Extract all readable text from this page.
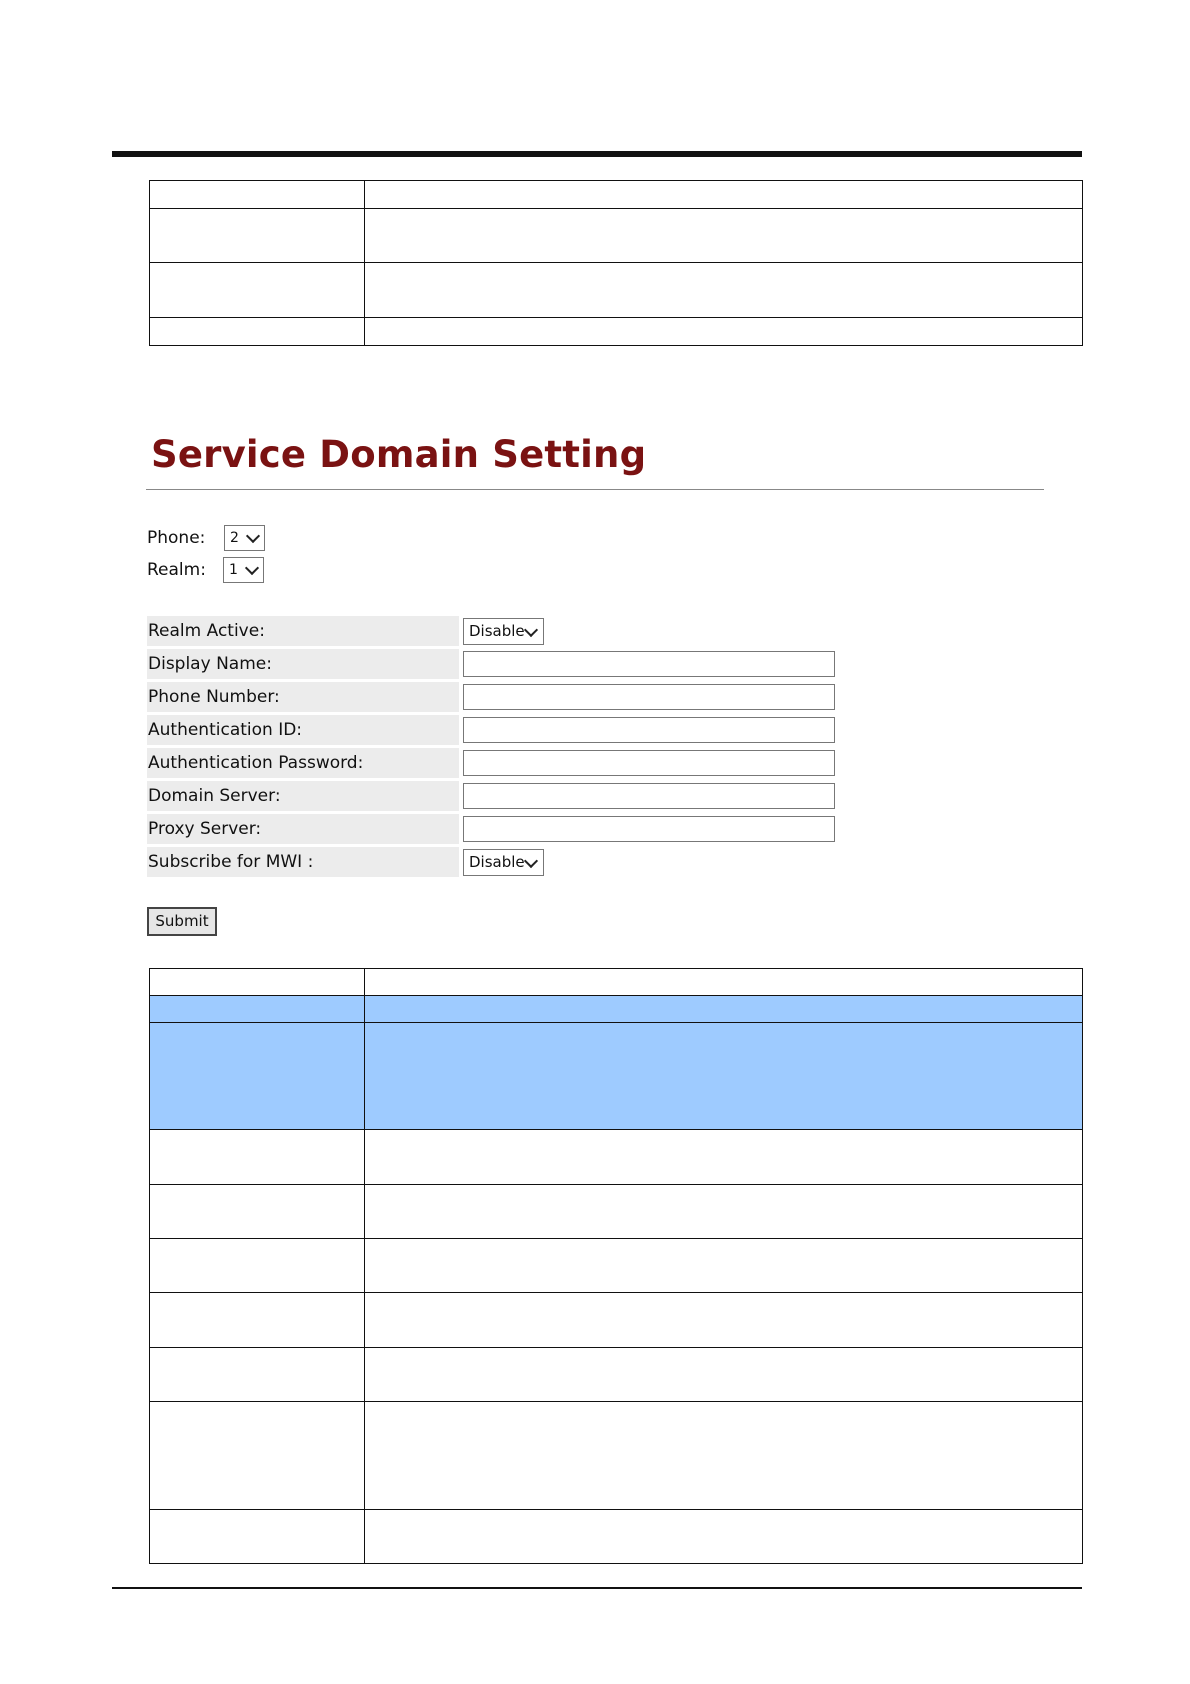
Service Domain Setting
Phone:	2
Realm:	1
Realm Active:	Disable
Display Name:
Phone Number:
Authentication ID:
Authentication Password:
Domain Server:
Proxy Server:
Subscribe for MWI :	Disable
Submit
